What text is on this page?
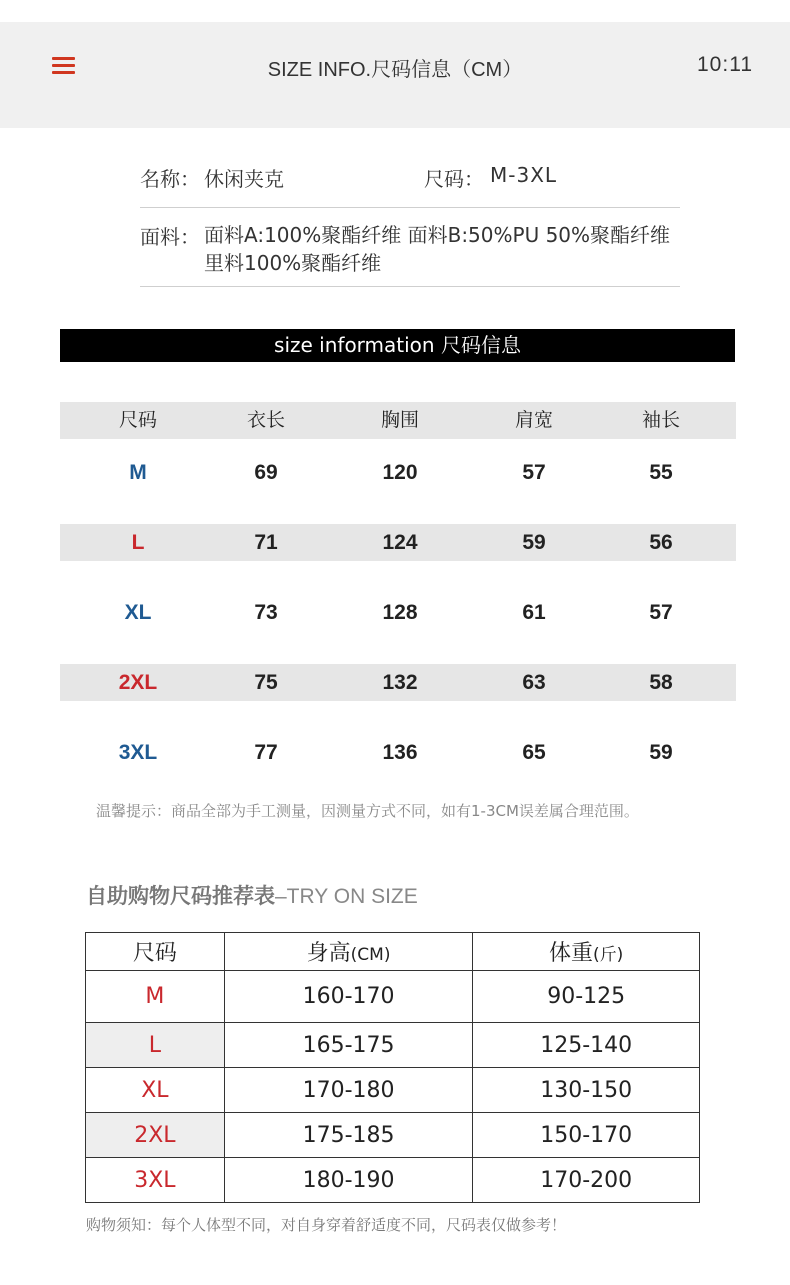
SIZE INFO.尺码信息（CM）	10:11
名称： 休闲夹克	尺码： M-3XL
面料： 面料A:100%聚酯纤维 面料B:50%PU 50%聚酯纤维
里料100%聚酯纤维
size information 尺码信息
尺码	衣长	胸围	肩宽	袖长
M	69	120	57	55
L	71	124	59	56
XL	73	128	61	57
2XL	75	132	63	58
3XL	77	136	65	59
温馨提示：商品全部为手工测量，因测量方式不同，如有1-3CM误差属合理范围。
自助购物尺码推荐表–TRY ON SIZE
尺码	身高(CM)	体重(斤)
M	160-170	90-125
L	165-175	125-140
XL	170-180	130-150
2XL	175-185	150-170
3XL	180-190	170-200
购物须知：每个人体型不同，对自身穿着舒适度不同，尺码表仅做参考！
